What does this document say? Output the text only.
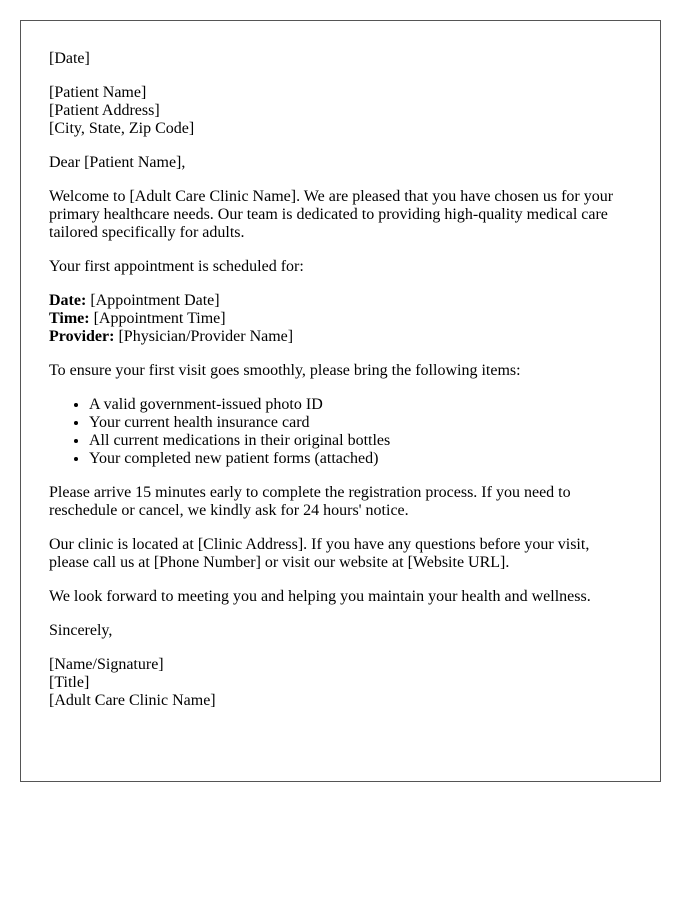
[Date]

[Patient Name]
[Patient Address]
[City, State, Zip Code]

Dear [Patient Name],

Welcome to [Adult Care Clinic Name]. We are pleased that you have chosen us for your
primary healthcare needs. Our team is dedicated to providing high-quality medical care
tailored specifically for adults.

Your first appointment is scheduled for:

Date: [Appointment Date]
Time: [Appointment Time]
Provider: [Physician/Provider Name]

To ensure your first visit goes smoothly, please bring the following items:

• A valid government-issued photo ID
• Your current health insurance card
• All current medications in their original bottles
• Your completed new patient forms (attached)

Please arrive 15 minutes early to complete the registration process. If you need to
reschedule or cancel, we kindly ask for 24 hours' notice.

Our clinic is located at [Clinic Address]. If you have any questions before your visit,
please call us at [Phone Number] or visit our website at [Website URL].

We look forward to meeting you and helping you maintain your health and wellness.

Sincerely,

[Name/Signature]
[Title]
[Adult Care Clinic Name]
